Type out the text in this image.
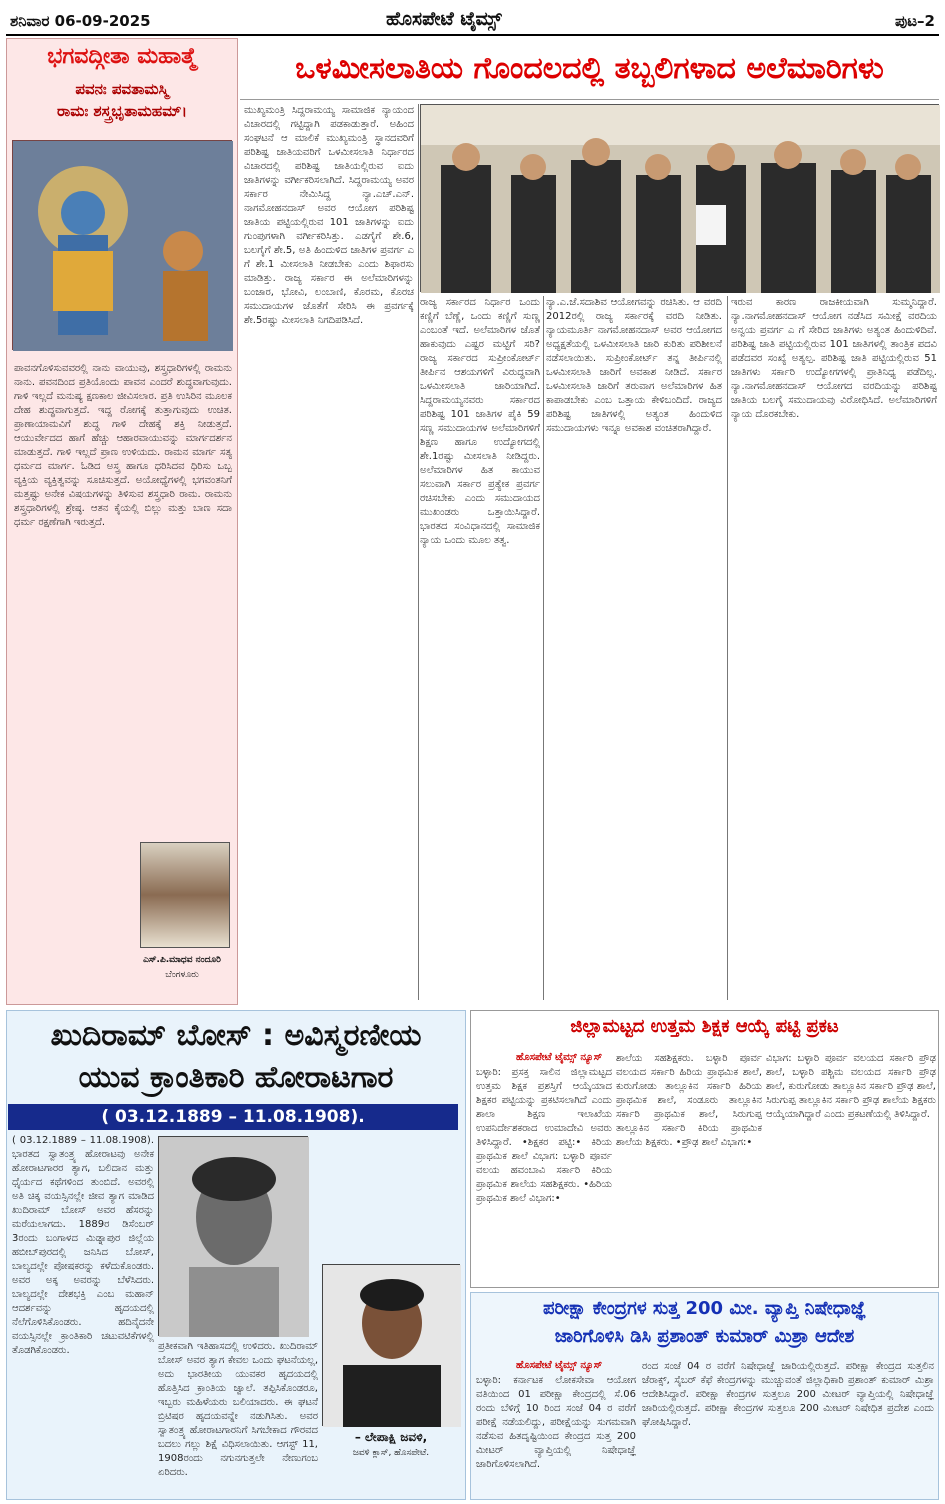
ಶನಿವಾರ 06-09-2025	ಹೊಸಪೇಟೆ ಟೈಮ್ಸ್	ಪುಟ–2
ಭಗವದ್ಗೀತಾ ಮಹಾತ್ಮೆ
ಪವನಃ ಪವತಾಮಸ್ಮಿ
ರಾಮಃ ಶಸ್ತ್ರಭೃತಾಮಹಮ್।
ಪಾವನಗೊಳಿಸುವವರಲ್ಲಿ ನಾನು ವಾಯುವು, ಶಸ್ತ್ರಧಾರಿಗಳಲ್ಲಿ ರಾಮನು ನಾನು. ಪವನದಿಂದ ಪ್ರತಿಯೊಂದು ಪಾವನ ಎಂದರೆ ಶುದ್ಧವಾಗುವುದು. ಗಾಳಿ ಇಲ್ಲದೆ ಮನುಷ್ಯ ಕ್ಷಣಕಾಲ ಜೀವಿಸಲಾರ. ಪ್ರತಿ ಉಸಿರಿನ ಮೂಲಕ ದೇಹ ಶುದ್ಧವಾಗುತ್ತದೆ. ಇದ್ದ ರೋಗಕ್ಕೆ ತುತ್ತಾಗುವುದು ಉಚಿತ. ಪ್ರಾಣಾಯಾಮವಿಗೆ ಶುದ್ಧ ಗಾಳಿ ದೇಹಕ್ಕೆ ಶಕ್ತಿ ನೀಡುತ್ತದೆ. ಆಯುರ್ವೇದದ ಹಾಗೆ ಹೆಚ್ಚು ಆಹಾರವಾಯುವನ್ನು ಮಾರ್ಗದರ್ಶನ ಮಾಡುತ್ತದೆ. ಗಾಳಿ ಇಲ್ಲದೆ ಪ್ರಾಣ ಉಳಿಯದು. ರಾಮನ ಮಾರ್ಗ ಸತ್ಯ ಧರ್ಮದ ಮಾರ್ಗ. ಓಡಿದ ಅಸ್ತ್ರ ಹಾಗೂ ಧರಿಸಿದವ ಧಿರಿಸು ಒಬ್ಬ ವ್ಯಕ್ತಿಯ ವ್ಯಕ್ತಿತ್ವವನ್ನು ಸೂಚಿಸುತ್ತದೆ. ಅಯೋಧ್ಯೆಗಳಲ್ಲಿ ಭಗವಂತನಿಗೆ ಮತ್ತಷ್ಟು ಅನೇಕ ವಿಷಯಗಳನ್ನು ತಿಳಿಸುವ ಶಸ್ತ್ರಧಾರಿ ರಾಮ. ರಾಮನು ಶಸ್ತ್ರಧಾರಿಗಳಲ್ಲಿ ಶ್ರೇಷ್ಠ. ಆತನ ಕೈಯಲ್ಲಿ ಬಿಲ್ಲು ಮತ್ತು ಬಾಣ ಸದಾ ಧರ್ಮ ರಕ್ಷಣೆಗಾಗಿ ಇರುತ್ತದೆ.
ಎಸ್.ಪಿ.ಮಾಧವ ನಂದೂರಿ
ಬೆಂಗಳೂರು
ಒಳಮೀಸಲಾತಿಯ ಗೊಂದಲದಲ್ಲಿ ತಬ್ಬಲಿಗಳಾದ ಅಲೆಮಾರಿಗಳು
ಮುಖ್ಯಮಂತ್ರಿ ಸಿದ್ದರಾಮಯ್ಯ ಸಾಮಾಜಿಕ ನ್ಯಾಯಂದ ವಿಚಾರದಲ್ಲಿ ಗಟ್ಟಿದ್ದಾಗಿ ಪಡಕಾಡುತ್ತಾರೆ. ಅಹಿಂದ ಸಂಘಟನೆ ಆ ಮಾಲಿಕೆ ಮುಖ್ಯಮಂತ್ರಿ ಸ್ಥಾನದವರಿಗೆ ಪರಿಶಿಷ್ಟ ಜಾತಿಯವರಿಗೆ ಒಳಮೀಸಲಾತಿ ನಿರ್ಧಾರದ ವಿಚಾರದಲ್ಲಿ ಪರಿಶಿಷ್ಟ ಜಾತಿಯಲ್ಲಿರುವ ಐದು ಜಾತಿಗಳನ್ನು ವರ್ಗೀಕರಿಸಲಾಗಿದೆ. ಸಿದ್ದರಾಮಯ್ಯ ಅವರ ಸರ್ಕಾರ ನೇಮಿಸಿದ್ದ ನ್ಯಾ.ಎಚ್.ಎನ್. ನಾಗಮೋಹನದಾಸ್ ಅವರ ಆಯೋಗ ಪರಿಶಿಷ್ಟ ಜಾತಿಯ ಪಟ್ಟಿಯಲ್ಲಿರುವ 101 ಜಾತಿಗಳನ್ನು ಐದು ಗುಂಪುಗಳಾಗಿ ವರ್ಗೀಕರಿಸಿತ್ತು. ಎಡಗೈಗೆ ಶೇ.6, ಬಲಗೈಗೆ ಶೇ.5, ಅತಿ ಹಿಂದುಳಿದ ಜಾತಿಗಳ ಪ್ರವರ್ಗ ಎ ಗೆ ಶೇ.1 ಮೀಸಲಾತಿ ನೀಡಬೇಕು ಎಂದು ಶಿಫಾರಸು ಮಾಡಿತ್ತು. ರಾಜ್ಯ ಸರ್ಕಾರ ಈ ಅಲೆಮಾರಿಗಳನ್ನು ಬಂಜಾರ, ಭೋವಿ, ಲಂಬಾಣಿ, ಕೊರಮ, ಕೊರಚ ಸಮುದಾಯಗಳ ಜೊತೆಗೆ ಸೇರಿಸಿ ಈ ಪ್ರವರ್ಗಕ್ಕೆ ಶೇ.5ರಷ್ಟು ಮೀಸಲಾತಿ ನಿಗದಿಪಡಿಸಿದೆ.
ರಾಜ್ಯ ಸರ್ಕಾರದ ನಿರ್ಧಾರ ಒಂದು ಕಣ್ಣಿಗೆ ಬೆಣ್ಣೆ, ಒಂದು ಕಣ್ಣಿಗೆ ಸುಣ್ಣ ಎಂಬಂತೆ ಇದೆ. ಅಲೆಮಾರಿಗಳ ಜೊತೆ ಹಾಕುವುದು ಎಷ್ಟರ ಮಟ್ಟಿಗೆ ಸರಿ? ರಾಜ್ಯ ಸರ್ಕಾರದ ಸುಪ್ರೀಂಕೋರ್ಟ್ ತೀರ್ಪಿನ ಆಶಯಗಳಿಗೆ ವಿರುದ್ಧವಾಗಿ ಒಳಮೀಸಲಾತಿ ಜಾರಿಯಾಗಿದೆ. ಸಿದ್ದರಾಮಯ್ಯನವರು ಸರ್ಕಾರದ ಪರಿಶಿಷ್ಟ 101 ಜಾತಿಗಳ ಪೈಕಿ 59 ಸಣ್ಣ ಸಮುದಾಯಗಳ ಅಲೆಮಾರಿಗಳಿಗೆ ಶಿಕ್ಷಣ ಹಾಗೂ ಉದ್ಯೋಗದಲ್ಲಿ ಶೇ.1ರಷ್ಟು ಮೀಸಲಾತಿ ನೀಡಿದ್ದರು. ಅಲೆಮಾರಿಗಳ ಹಿತ ಕಾಯುವ ಸಲುವಾಗಿ ಸರ್ಕಾರ ಪ್ರತ್ಯೇಕ ಪ್ರವರ್ಗ ರಚಿಸಬೇಕು ಎಂದು ಸಮುದಾಯದ ಮುಖಂಡರು ಒತ್ತಾಯಿಸಿದ್ದಾರೆ. ಭಾರತದ ಸಂವಿಧಾನದಲ್ಲಿ ಸಾಮಾಜಿಕ ನ್ಯಾಯ ಒಂದು ಮೂಲ ತತ್ವ.
ನ್ಯಾ.ಎ.ಜೆ.ಸದಾಶಿವ ಆಯೋಗವನ್ನು ರಚಿಸಿತು. ಆ ವರದಿ 2012ರಲ್ಲಿ ರಾಜ್ಯ ಸರ್ಕಾರಕ್ಕೆ ವರದಿ ನೀಡಿತು. ನ್ಯಾಯಮೂರ್ತಿ ನಾಗಮೋಹನದಾಸ್ ಅವರ ಆಯೋಗದ ಅಧ್ಯಕ್ಷತೆಯಲ್ಲಿ ಒಳಮೀಸಲಾತಿ ಜಾರಿ ಕುರಿತು ಪರಿಶೀಲನೆ ನಡೆಸಲಾಯಿತು. ಸುಪ್ರೀಂಕೋರ್ಟ್ ತನ್ನ ತೀರ್ಪಿನಲ್ಲಿ ಒಳಮೀಸಲಾತಿ ಜಾರಿಗೆ ಅವಕಾಶ ನೀಡಿದೆ. ಸರ್ಕಾರ ಒಳಮೀಸಲಾತಿ ಜಾರಿಗೆ ತರುವಾಗ ಅಲೆಮಾರಿಗಳ ಹಿತ ಕಾಪಾಡಬೇಕು ಎಂಬ ಒತ್ತಾಯ ಕೇಳಿಬಂದಿದೆ. ರಾಜ್ಯದ ಪರಿಶಿಷ್ಟ ಜಾತಿಗಳಲ್ಲಿ ಅತ್ಯಂತ ಹಿಂದುಳಿದ ಸಮುದಾಯಗಳು ಇನ್ನೂ ಅವಕಾಶ ವಂಚಿತರಾಗಿದ್ದಾರೆ.
ಇರುವ ಕಾರಣ ರಾಜಕೀಯವಾಗಿ ಸುಮ್ಮನಿದ್ದಾರೆ. ನ್ಯಾ.ನಾಗಮೋಹನದಾಸ್ ಆಯೋಗ ನಡೆಸಿದ ಸಮೀಕ್ಷೆ ವರದಿಯ ಅನ್ವಯ ಪ್ರವರ್ಗ ಎ ಗೆ ಸೇರಿದ ಜಾತಿಗಳು ಅತ್ಯಂತ ಹಿಂದುಳಿದಿವೆ. ಪರಿಶಿಷ್ಟ ಜಾತಿ ಪಟ್ಟಿಯಲ್ಲಿರುವ 101 ಜಾತಿಗಳಲ್ಲಿ ತಾಂತ್ರಿಕ ಪದವಿ ಪಡೆದವರ ಸಂಖ್ಯೆ ಅತ್ಯಲ್ಪ. ಪರಿಶಿಷ್ಟ ಜಾತಿ ಪಟ್ಟಿಯಲ್ಲಿರುವ 51 ಜಾತಿಗಳು ಸರ್ಕಾರಿ ಉದ್ಯೋಗಗಳಲ್ಲಿ ಪ್ರಾತಿನಿಧ್ಯ ಪಡೆದಿಲ್ಲ. ನ್ಯಾ.ನಾಗಮೋಹನದಾಸ್ ಆಯೋಗದ ವರದಿಯನ್ನು ಪರಿಶಿಷ್ಟ ಜಾತಿಯ ಬಲಗೈ ಸಮುದಾಯವು ವಿರೋಧಿಸಿದೆ. ಅಲೆಮಾರಿಗಳಿಗೆ ನ್ಯಾಯ ದೊರಕಬೇಕು.
ಖುದಿರಾಮ್ ಬೋಸ್ : ಅವಿಸ್ಮರಣೀಯ
ಯುವ ಕ್ರಾಂತಿಕಾರಿ ಹೋರಾಟಗಾರ
( 03.12.1889 – 11.08.1908).
( 03.12.1889 – 11.08.1908). ಭಾರತದ ಸ್ವಾತಂತ್ರ್ಯ ಹೋರಾಟವು ಅನೇಕ ಹೋರಾಟಗಾರರ ತ್ಯಾಗ, ಬಲಿದಾನ ಮತ್ತು ಧೈರ್ಯದ ಕಥೆಗಳಿಂದ ತುಂಬಿದೆ. ಅವರಲ್ಲಿ ಅತಿ ಚಿಕ್ಕ ವಯಸ್ಸಿನಲ್ಲೇ ಜೀವ ತ್ಯಾಗ ಮಾಡಿದ ಖುದಿರಾಮ್ ಬೋಸ್ ಅವರ ಹೆಸರನ್ನು ಮರೆಯಲಾಗದು. 1889ರ ಡಿಸೆಂಬರ್ 3ರಂದು ಬಂಗಾಳದ ಮಿಡ್ನಾಪುರ ಜಿಲ್ಲೆಯ ಹಬೀಬ್‌ಪುರದಲ್ಲಿ ಜನಿಸಿದ ಬೋಸ್, ಬಾಲ್ಯದಲ್ಲೇ ಪೋಷಕರನ್ನು ಕಳೆದುಕೊಂಡರು. ಅವರ ಅಕ್ಕ ಅವರನ್ನು ಬೆಳೆಸಿದರು. ಬಾಲ್ಯದಲ್ಲೇ ದೇಶಭಕ್ತಿ ಎಂಬ ಮಹಾನ್ ಆದರ್ಶವನ್ನು ಹೃದಯದಲ್ಲಿ ನೆಲೆಗೊಳಿಸಿಕೊಂಡರು. ಹದಿನೈದನೇ ವಯಸ್ಸಿನಲ್ಲೇ ಕ್ರಾಂತಿಕಾರಿ ಚಟುವಟಿಕೆಗಳಲ್ಲಿ ತೊಡಗಿಕೊಂಡರು.	ಪ್ರತೀಕವಾಗಿ ಇತಿಹಾಸದಲ್ಲಿ ಉಳಿದರು. ಖುದಿರಾಮ್ ಬೋಸ್ ಅವರ ತ್ಯಾಗ ಕೇವಲ ಒಂದು ಘಟನೆಯಲ್ಲ, ಅದು ಭಾರತೀಯ ಯುವಕರ ಹೃದಯದಲ್ಲಿ ಹೊತ್ತಿಸಿದ ಕ್ರಾಂತಿಯ ಜ್ವಾಲೆ. ತಪ್ಪಿಸಿಕೊಂಡರೂ, ಇಬ್ಬರು ಮಹಿಳೆಯರು ಬಲಿಯಾದರು. ಈ ಘಟನೆ ಬ್ರಿಟಿಷರ ಹೃದಯವನ್ನೇ ನಡುಗಿಸಿತು. ಅವರ ಸ್ವಾತಂತ್ರ್ಯ ಹೋರಾಟಗಾರನಿಗೆ ಸಿಗಬೇಕಾದ ಗೌರವದ ಬದಲು ಗಲ್ಲು ಶಿಕ್ಷೆ ವಿಧಿಸಲಾಯಿತು. ಆಗಸ್ಟ್ 11, 1908ರಂದು ನಗುನಗುತ್ತಲೇ ನೇಣುಗಂಬ ಏರಿದರು.
– ಲೇಪಾಕ್ಷಿ ಜವಳಿ,
ಜವಳಿ ಕ್ಲಾಸ್, ಹೊಸಪೇಟೆ.
ಜಿಲ್ಲಾಮಟ್ಟದ ಉತ್ತಮ ಶಿಕ್ಷಕ ಆಯ್ಕೆ ಪಟ್ಟಿ ಪ್ರಕಟ
ಹೊಸಪೇಟೆ ಟೈಮ್ಸ್ ನ್ಯೂಸ್
ಬಳ್ಳಾರಿ: ಪ್ರಸಕ್ತ ಸಾಲಿನ ಜಿಲ್ಲಾಮಟ್ಟದ ಉತ್ತಮ ಶಿಕ್ಷಕ ಪ್ರಶಸ್ತಿಗೆ ಆಯ್ಕೆಯಾದ ಶಿಕ್ಷಕರ ಪಟ್ಟಿಯನ್ನು ಪ್ರಕಟಿಸಲಾಗಿದೆ ಎಂದು ಶಾಲಾ ಶಿಕ್ಷಣ ಇಲಾಖೆಯ ಉಪನಿರ್ದೇಶಕರಾದ ಉಮಾದೇವಿ ಅವರು ತಿಳಿಸಿದ್ದಾರೆ. •ಶಿಕ್ಷಕರ ಪಟ್ಟಿ:• ಕಿರಿಯ ಪ್ರಾಥಮಿಕ ಶಾಲೆ ವಿಭಾಗ: ಬಳ್ಳಾರಿ ಪೂರ್ವ ವಲಯ ಹವಂಬಾವಿ ಸರ್ಕಾರಿ ಕಿರಿಯ ಪ್ರಾಥಮಿಕ ಶಾಲೆಯ ಸಹಶಿಕ್ಷಕರು. •ಹಿರಿಯ ಪ್ರಾಥಮಿಕ ಶಾಲೆ ವಿಭಾಗ:•
ಶಾಲೆಯ ಸಹಶಿಕ್ಷಕರು. ಬಳ್ಳಾರಿ ಪೂರ್ವ ವಲಯದ ಸರ್ಕಾರಿ ಹಿರಿಯ ಪ್ರಾಥಮಿಕ ಶಾಲೆ, ಕುರುಗೋಡು ತಾಲ್ಲೂಕಿನ ಸರ್ಕಾರಿ ಹಿರಿಯ ಪ್ರಾಥಮಿಕ ಶಾಲೆ, ಸಂಡೂರು ತಾಲ್ಲೂಕಿನ ಸರ್ಕಾರಿ ಪ್ರಾಥಮಿಕ ಶಾಲೆ, ಸಿರುಗುಪ್ಪ ತಾಲ್ಲೂಕಿನ ಸರ್ಕಾರಿ ಕಿರಿಯ ಪ್ರಾಥಮಿಕ ಶಾಲೆಯ ಶಿಕ್ಷಕರು. •ಪ್ರೌಢ ಶಾಲೆ ವಿಭಾಗ:•
ವಿಭಾಗ: ಬಳ್ಳಾರಿ ಪೂರ್ವ ವಲಯದ ಸರ್ಕಾರಿ ಪ್ರೌಢ ಶಾಲೆ, ಬಳ್ಳಾರಿ ಪಶ್ಚಿಮ ವಲಯದ ಸರ್ಕಾರಿ ಪ್ರೌಢ ಶಾಲೆ, ಕುರುಗೋಡು ತಾಲ್ಲೂಕಿನ ಸರ್ಕಾರಿ ಪ್ರೌಢ ಶಾಲೆ, ಸಿರುಗುಪ್ಪ ತಾಲ್ಲೂಕಿನ ಸರ್ಕಾರಿ ಪ್ರೌಢ ಶಾಲೆಯ ಶಿಕ್ಷಕರು ಆಯ್ಕೆಯಾಗಿದ್ದಾರೆ ಎಂದು ಪ್ರಕಟಣೆಯಲ್ಲಿ ತಿಳಿಸಿದ್ದಾರೆ.
ಪರೀಕ್ಷಾ ಕೇಂದ್ರಗಳ ಸುತ್ತ 200 ಮೀ. ವ್ಯಾಪ್ತಿ ನಿಷೇಧಾಜ್ಞೆ
ಜಾರಿಗೊಳಿಸಿ ಡಿಸಿ ಪ್ರಶಾಂತ್ ಕುಮಾರ್ ಮಿಶ್ರಾ ಆದೇಶ
ಹೊಸಪೇಟೆ ಟೈಮ್ಸ್ ನ್ಯೂಸ್
ಬಳ್ಳಾರಿ: ಕರ್ನಾಟಕ ಲೋಕಸೇವಾ ಆಯೋಗ ವತಿಯಿಂದ 01 ಪರೀಕ್ಷಾ ಕೇಂದ್ರದಲ್ಲಿ ಸೆ.06 ರಂದು ಬೆಳಿಗ್ಗೆ 10 ರಿಂದ ಸಂಜೆ 04 ರ ವರೆಗೆ ಪರೀಕ್ಷೆ ನಡೆಯಲಿದ್ದು, ಪರೀಕ್ಷೆಯನ್ನು ಸುಗಮವಾಗಿ ನಡೆಸುವ ಹಿತದೃಷ್ಟಿಯಿಂದ ಕೇಂದ್ರದ ಸುತ್ತ 200 ಮೀಟರ್ ವ್ಯಾಪ್ತಿಯಲ್ಲಿ ನಿಷೇಧಾಜ್ಞೆ ಜಾರಿಗೊಳಿಸಲಾಗಿದೆ.
ರಂದ ಸಂಜೆ 04 ರ ವರೆಗೆ ನಿಷೇಧಾಜ್ಞೆ ಜಾರಿಯಲ್ಲಿರುತ್ತದೆ. ಪರೀಕ್ಷಾ ಕೇಂದ್ರದ ಸುತ್ತಲಿನ ಜೆರಾಕ್ಸ್, ಸೈಬರ್ ಕೆಫೆ ಕೇಂದ್ರಗಳನ್ನು ಮುಚ್ಚುವಂತೆ ಜಿಲ್ಲಾಧಿಕಾರಿ ಪ್ರಶಾಂತ್ ಕುಮಾರ್ ಮಿಶ್ರಾ ಆದೇಶಿಸಿದ್ದಾರೆ. ಪರೀಕ್ಷಾ ಕೇಂದ್ರಗಳ ಸುತ್ತಲೂ 200 ಮೀಟರ್ ವ್ಯಾಪ್ತಿಯಲ್ಲಿ ನಿಷೇಧಾಜ್ಞೆ ಜಾರಿಯಲ್ಲಿರುತ್ತದೆ. ಪರೀಕ್ಷಾ ಕೇಂದ್ರಗಳ ಸುತ್ತಲೂ 200 ಮೀಟರ್ ನಿಷೇಧಿತ ಪ್ರದೇಶ ಎಂದು ಘೋಷಿಸಿದ್ದಾರೆ.
